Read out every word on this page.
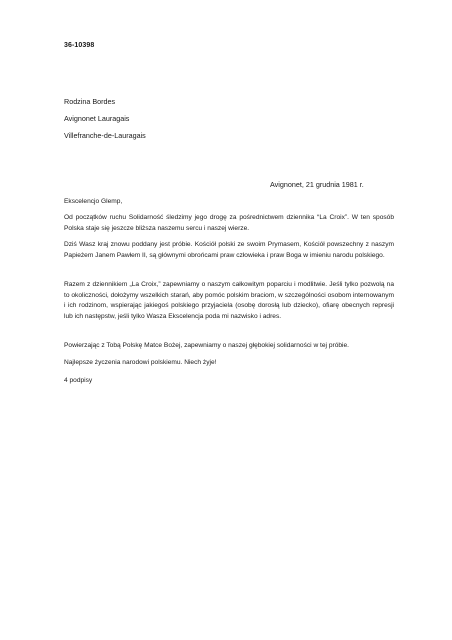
36-10398
Rodzina Bordes
Avignonet Lauragais
Villefranche-de-Lauragais
Avignonet, 21 grudnia 1981 r.
Ekscelencjo Glemp,
Od początków ruchu Solidarność śledzimy jego drogę za pośrednictwem dziennika “La Croix”. W ten sposób Polska staje się jeszcze bliższa naszemu sercu i naszej wierze.
Dziś Wasz kraj znowu poddany jest próbie. Kościół polski ze swoim Prymasem, Kościół powszechny z naszym Papieżem Janem Pawłem II, są głównymi obrońcami praw człowieka i praw Boga w imieniu narodu polskiego.
Razem z dziennikiem „La Croix,” zapewniamy o naszym całkowitym poparciu i modlitwie. Jeśli tylko pozwolą na to okoliczności, dołożymy wszelkich starań, aby pomóc polskim braciom, w szczególności osobom internowanym i ich rodzinom, wspierając jakiegoś polskiego przyjaciela (osobę dorosłą lub dziecko), ofiarę obecnych represji lub ich następstw, jeśli tylko Wasza Ekscelencja poda mi nazwisko i adres.
Powierzając z Tobą Polskę Matce Bożej, zapewniamy o naszej głębokiej solidarności w tej próbie.
Najlepsze życzenia narodowi polskiemu. Niech żyje!
4 podpisy
